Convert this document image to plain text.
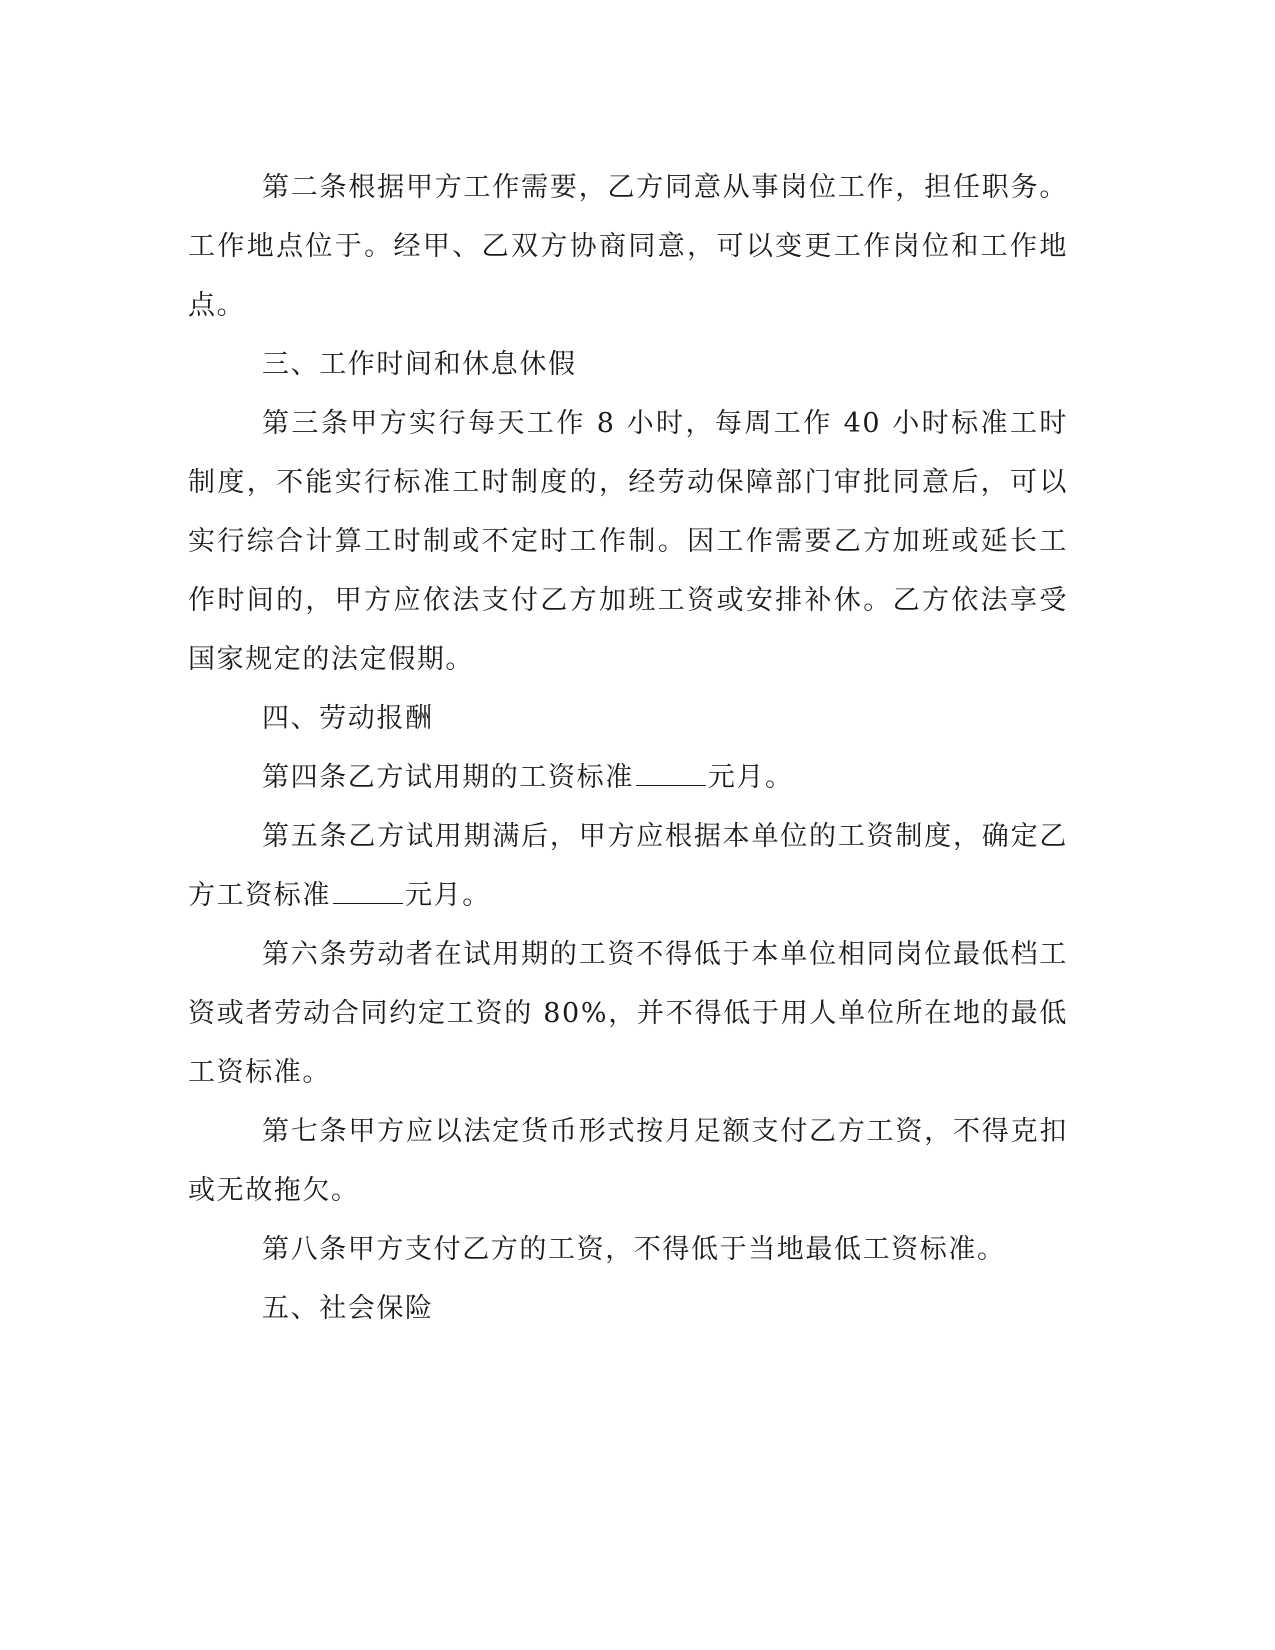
第二条根据甲方工作需要，乙方同意从事岗位工作，担任职务。工作地点位于。经甲、乙双方协商同意，可以变更工作岗位和工作地点。

三、工作时间和休息休假

第三条甲方实行每天工作 8 小时，每周工作 40 小时标准工时制度，不能实行标准工时制度的，经劳动保障部门审批同意后，可以实行综合计算工时制或不定时工作制。因工作需要乙方加班或延长工作时间的，甲方应依法支付乙方加班工资或安排补休。乙方依法享受国家规定的法定假期。

四、劳动报酬

第四条乙方试用期的工资标准	元月。

第五条乙方试用期满后，甲方应根据本单位的工资制度，确定乙方工资标准	元月。

第六条劳动者在试用期的工资不得低于本单位相同岗位最低档工资或者劳动合同约定工资的 80%，并不得低于用人单位所在地的最低工资标准。

第七条甲方应以法定货币形式按月足额支付乙方工资，不得克扣或无故拖欠。

第八条甲方支付乙方的工资，不得低于当地最低工资标准。

五、社会保险
